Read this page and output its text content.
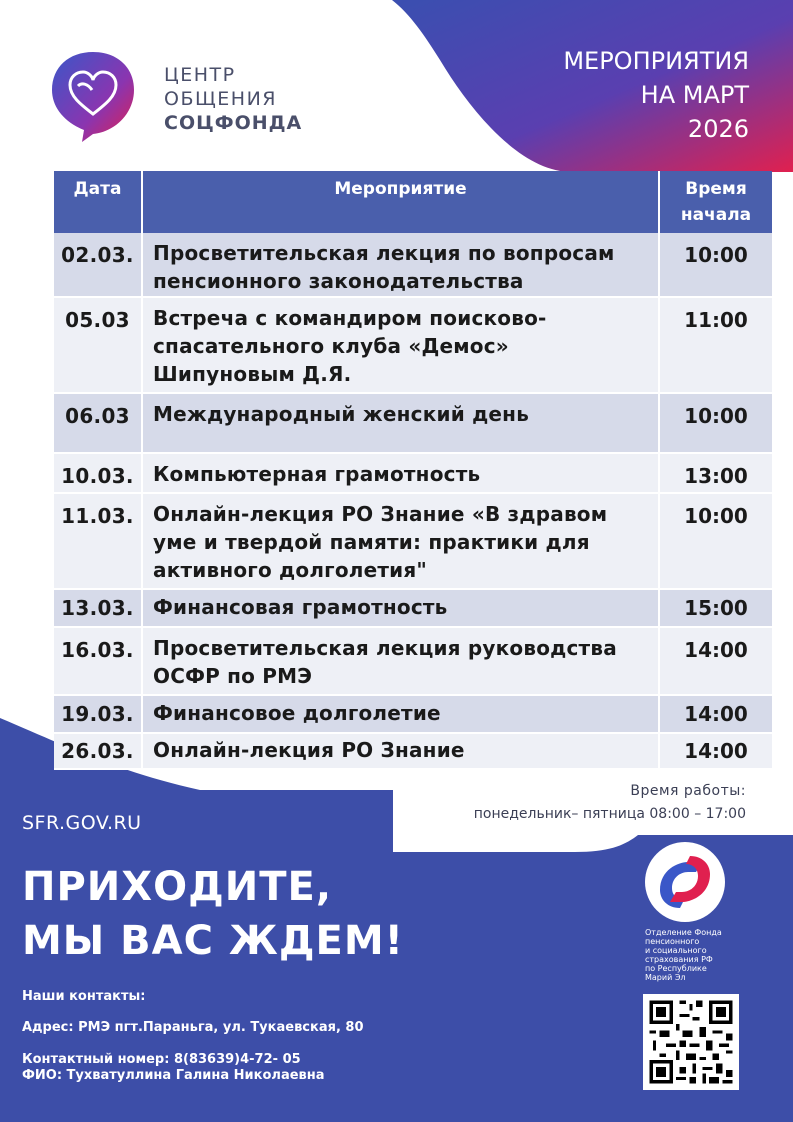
ЦЕНТР
ОБЩЕНИЯ
СОЦФОНДА
МЕРОПРИЯТИЯ
НА МАРТ
2026
Дата	Мероприятие	Время начала
02.03.	Просветительская лекция по вопросам пенсионного законодательства	10:00
05.03	Встреча с командиром поисково-спасательного клуба «Демос» Шипуновым Д.Я.	11:00
06.03	Международный женский день	10:00
10.03.	Компьютерная грамотность	13:00
11.03.	Онлайн-лекция РО Знание «В здравом уме и твердой памяти: практики для активного долголетия"	10:00
13.03.	Финансовая грамотность	15:00
16.03.	Просветительская лекция руководства ОСФР по РМЭ	14:00
19.03.	Финансовое долголетие	14:00
26.03.	Онлайн-лекция РО Знание	14:00
Время работы:
понедельник– пятница 08:00 – 17:00
SFR.GOV.RU
ПРИХОДИТЕ,
МЫ ВАС ЖДЕМ!
Наши контакты:
Адрес: РМЭ пгт.Параньга, ул. Тукаевская, 80
Контактный номер: 8(83639)4-72- 05
ФИО: Тухватуллина Галина Николаевна
Отделение Фонда
пенсионного
и социального
страхования РФ
по Республике
Марий Эл
